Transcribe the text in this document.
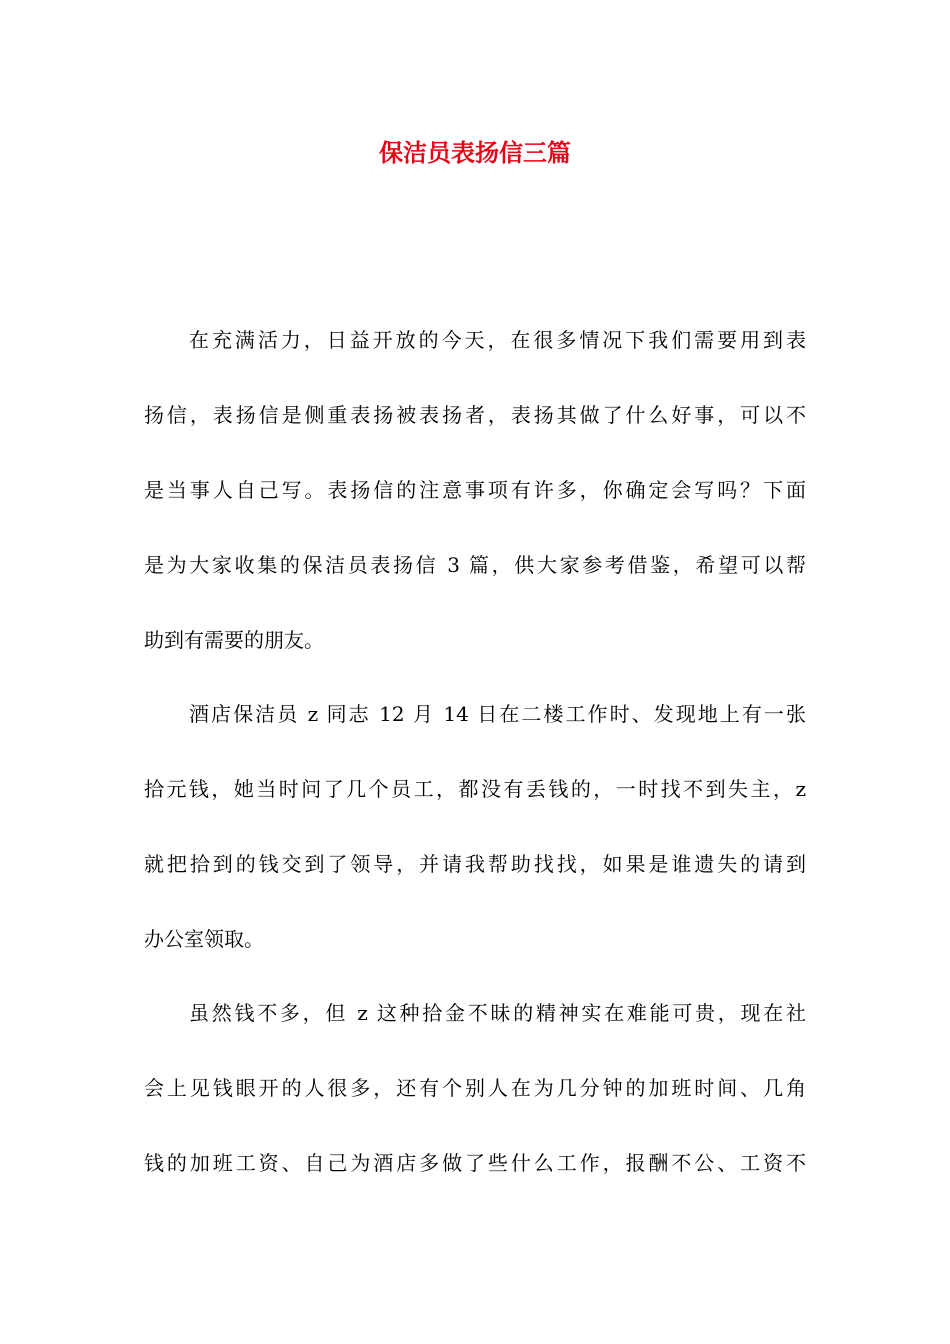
保洁员表扬信三篇
在充满活力，日益开放的今天，在很多情况下我们需要用到表
扬信，表扬信是侧重表扬被表扬者，表扬其做了什么好事，可以不
是当事人自己写。表扬信的注意事项有许多，你确定会写吗？下面
是为大家收集的保洁员表扬信 3 篇，供大家参考借鉴，希望可以帮
助到有需要的朋友。
酒店保洁员 z 同志 12 月 14 日在二楼工作时、发现地上有一张
拾元钱，她当时问了几个员工，都没有丢钱的，一时找不到失主，z
就把拾到的钱交到了领导，并请我帮助找找，如果是谁遗失的请到
办公室领取。
虽然钱不多，但 z 这种拾金不昧的精神实在难能可贵，现在社
会上见钱眼开的人很多，还有个别人在为几分钟的加班时间、几角
钱的加班工资、自己为酒店多做了些什么工作，报酬不公、工资不
